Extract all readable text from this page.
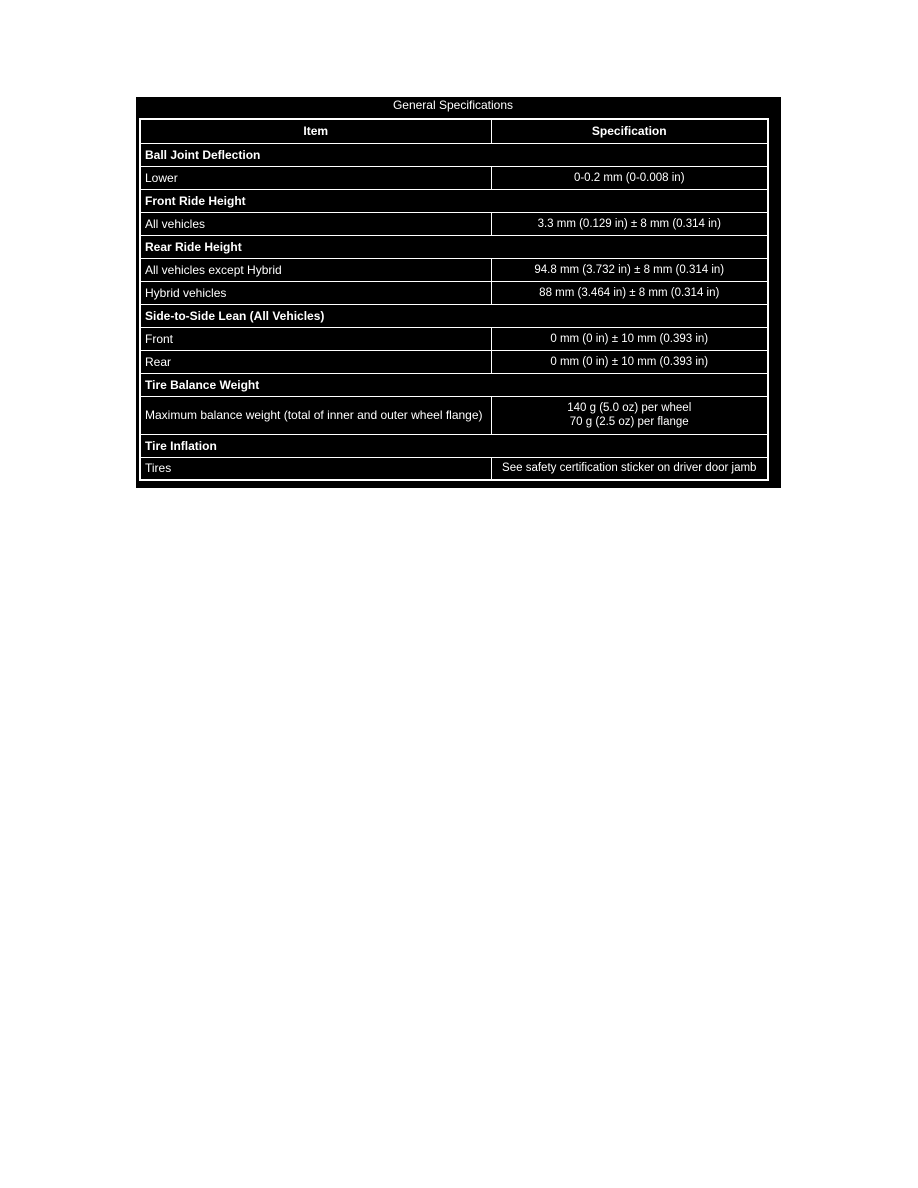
General Specifications
Item	Specification
Ball Joint Deflection	
Lower	0-0.2 mm (0-0.008 in)

Front Ride Height	
All vehicles	3.3 mm (0.129 in) ± 8 mm (0.314 in)

Rear Ride Height	
All vehicles except Hybrid	94.8 mm (3.732 in) ± 8 mm (0.314 in)

Hybrid vehicles	88 mm (3.464 in) ± 8 mm (0.314 in)

Side-to-Side Lean (All Vehicles)	
Front	0 mm (0 in) ± 10 mm (0.393 in)

Rear	0 mm (0 in) ± 10 mm (0.393 in)

Tire Balance Weight	
Maximum balance weight (total of inner and outer wheel flange)	140 g (5.0 oz) per wheel
70 g (2.5 oz) per flange

Tire Inflation	
Tires	See safety certification sticker on driver door jamb
